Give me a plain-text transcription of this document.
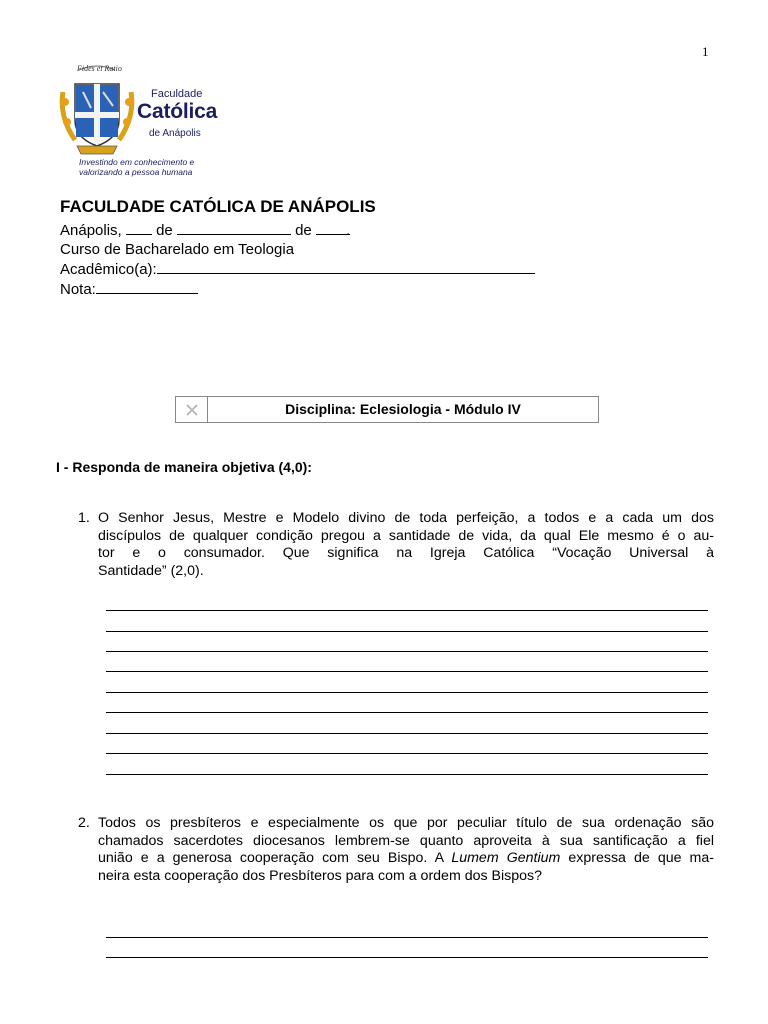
1
Fides et Ratio
Faculdade
Católica
de Anápolis
Investindo em conhecimento e valorizando a pessoa humana
FACULDADE CATÓLICA DE ANÁPOLIS
Anápolis, de	de .
Curso de Bacharelado em Teologia
Acadêmico(a):
Nota:
Disciplina: Eclesiologia - Módulo IV
I - Responda de maneira objetiva (4,0):
1. O Senhor Jesus, Mestre e Modelo divino de toda perfeição, a todos e a cada um dos
discípulos de qualquer condição pregou a santidade de vida, da qual Ele mesmo é o au-
tor e o consumador. Que significa na Igreja Católica “Vocação Universal à
Santidade” (2,0).
2. Todos os presbíteros e especialmente os que por peculiar título de sua ordenação são
chamados sacerdotes diocesanos lembrem-se quanto aproveita à sua santificação a fiel
união e a generosa cooperação com seu Bispo. A Lumem Gentium expressa de que ma-
neira esta cooperação dos Presbíteros para com a ordem dos Bispos?
